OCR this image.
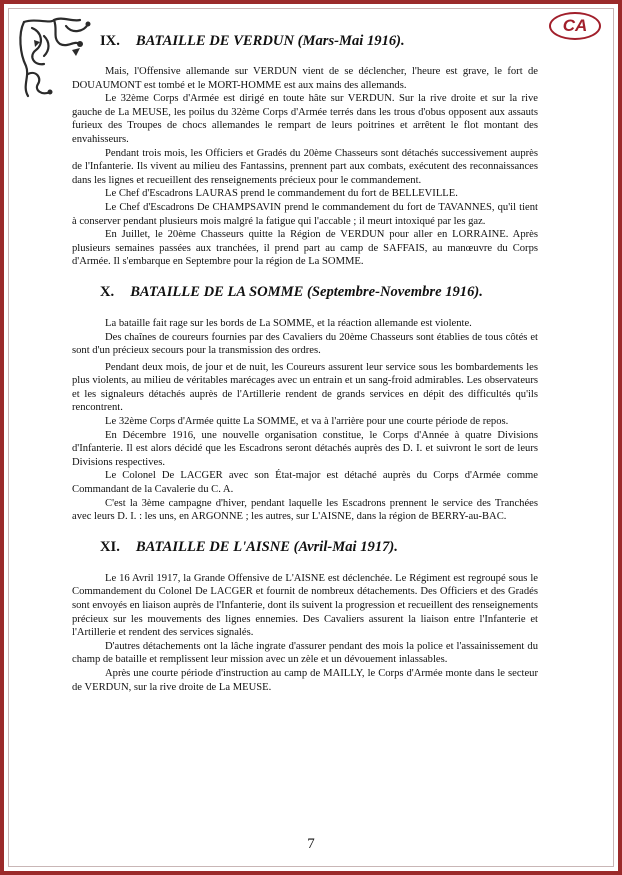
CA
IX. BATAILLE DE VERDUN (Mars-Mai 1916).

Mais, l'Offensive allemande sur VERDUN vient de se déclencher, l'heure est grave, le fort de DOUAUMONT est tombé et le MORT-HOMME est aux mains des allemands.

Le 32ème Corps d'Armée est dirigé en toute hâte sur VERDUN. Sur la rive droite et sur la rive gauche de La MEUSE, les poilus du 32ème Corps d'Armée terrés dans les trous d'obus opposent aux assauts furieux des Troupes de chocs allemandes le rempart de leurs poitrines et arrêtent le flot montant des envahisseurs.

Pendant trois mois, les Officiers et Gradés du 20ème Chasseurs sont détachés successivement auprès de l'Infanterie. Ils vivent au milieu des Fantassins, prennent part aux combats, exécutent des reconnaissances dans les lignes et recueillent des renseignements précieux pour le commandement.

Le Chef d'Escadrons LAURAS prend le commandement du fort de BELLEVILLE.

Le Chef d'Escadrons De CHAMPSAVIN prend le commandement du fort de TAVANNES, qu'il tient à conserver pendant plusieurs mois malgré la fatigue qui l'accable ; il meurt intoxiqué par les gaz.

En Juillet, le 20ème Chasseurs quitte la Région de VERDUN pour aller en LORRAINE. Après plusieurs semaines passées aux tranchées, il prend part au camp de SAFFAIS, au manœuvre du Corps d'Armée. Il s'embarque en Septembre pour la région de La SOMME.

X. BATAILLE DE LA SOMME (Septembre-Novembre 1916).

La bataille fait rage sur les bords de La SOMME, et la réaction allemande est violente.

Des chaînes de coureurs fournies par des Cavaliers du 20ème Chasseurs sont établies de tous côtés et sont d'un précieux secours pour la transmission des ordres.

Pendant deux mois, de jour et de nuit, les Coureurs assurent leur service sous les bombardements les plus violents, au milieu de véritables marécages avec un entrain et un sang-froid admirables. Les observateurs et les signaleurs détachés auprès de l'Artillerie rendent de grands services en dépit des difficultés qu'ils rencontrent.

Le 32ème Corps d'Armée quitte La SOMME, et va à l'arrière pour une courte période de repos.

En Décembre 1916, une nouvelle organisation constitue, le Corps d'Année à quatre Divisions d'Infanterie. Il est alors décidé que les Escadrons seront détachés auprès des D. I. et suivront le sort de leurs Divisions respectives.

Le Colonel De LACGER avec son État-major est détaché auprès du Corps d'Armée comme Commandant de la Cavalerie du C. A.

C'est la 3ème campagne d'hiver, pendant laquelle les Escadrons prennent le service des Tranchées avec leurs D. I. : les uns, en ARGONNE ; les autres, sur L'AISNE, dans la région de BERRY-au-BAC.

XI. BATAILLE DE L'AISNE (Avril-Mai 1917).

Le 16 Avril 1917, la Grande Offensive de L'AISNE est déclenchée. Le Régiment est regroupé sous le Commandement du Colonel De LACGER et fournit de nombreux détachements. Des Officiers et des Gradés sont envoyés en liaison auprès de l'Infanterie, dont ils suivent la progression et recueillent des renseignements précieux sur les mouvements des lignes ennemies. Des Cavaliers assurent la liaison entre l'Infanterie et l'Artillerie et rendent des services signalés.

D'autres détachements ont la lâche ingrate d'assurer pendant des mois la police et l'assainissement du champ de bataille et remplissent leur mission avec un zèle et un dévouement inlassables.

Après une courte période d'instruction au camp de MAILLY, le Corps d'Armée monte dans le secteur de VERDUN, sur la rive droite de La MEUSE.

7
